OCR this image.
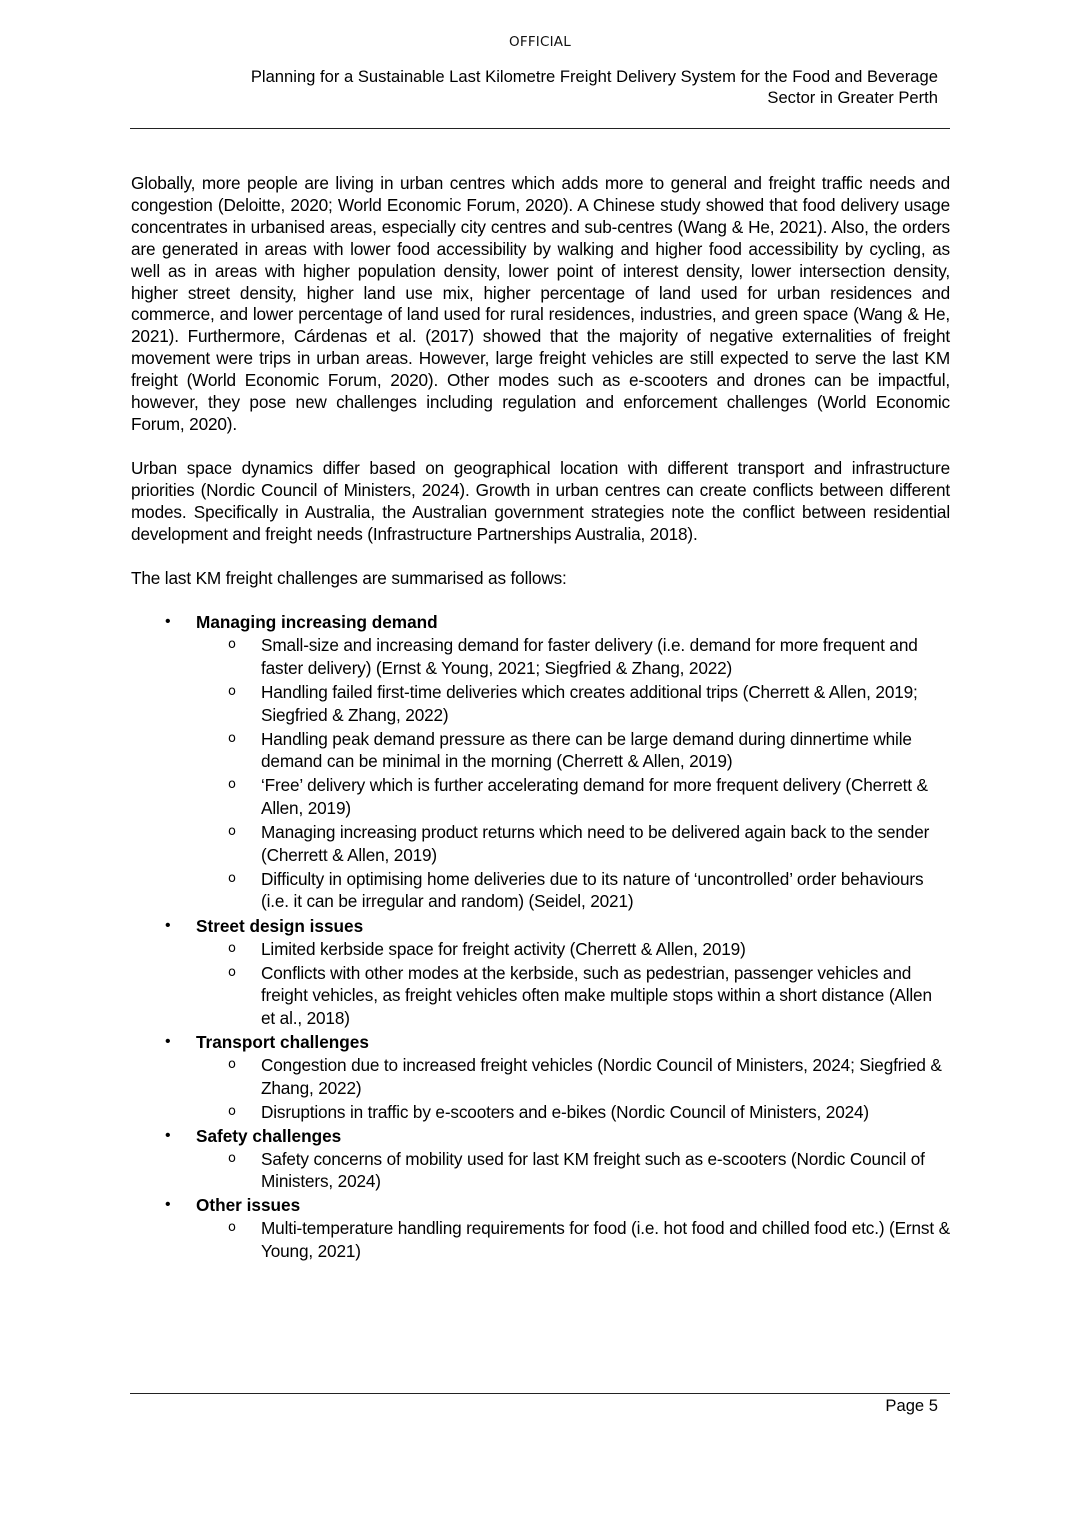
OFFICIAL
Planning for a Sustainable Last Kilometre Freight Delivery System for the Food and Beverage
Sector in Greater Perth

Globally, more people are living in urban centres which adds more to general and freight traffic needs and congestion (Deloitte, 2020; World Economic Forum, 2020). A Chinese study showed that food delivery usage concentrates in urbanised areas, especially city centres and sub-centres (Wang & He, 2021). Also, the orders are generated in areas with lower food accessibility by walking and higher food accessibility by cycling, as well as in areas with higher population density, lower point of interest density, lower intersection density, higher street density, higher land use mix, higher percentage of land used for urban residences and commerce, and lower percentage of land used for rural residences, industries, and green space (Wang & He, 2021). Furthermore, Cárdenas et al. (2017) showed that the majority of negative externalities of freight movement were trips in urban areas. However, large freight vehicles are still expected to serve the last KM freight (World Economic Forum, 2020). Other modes such as e-scooters and drones can be impactful, however, they pose new challenges including regulation and enforcement challenges (World Economic Forum, 2020).

Urban space dynamics differ based on geographical location with different transport and infrastructure priorities (Nordic Council of Ministers, 2024). Growth in urban centres can create conflicts between different modes. Specifically in Australia, the Australian government strategies note the conflict between residential development and freight needs (Infrastructure Partnerships Australia, 2018).

The last KM freight challenges are summarised as follows:

• Managing increasing demand
o Small-size and increasing demand for faster delivery (i.e. demand for more frequent and faster delivery) (Ernst & Young, 2021; Siegfried & Zhang, 2022)
o Handling failed first-time deliveries which creates additional trips (Cherrett & Allen, 2019; Siegfried & Zhang, 2022)
o Handling peak demand pressure as there can be large demand during dinnertime while demand can be minimal in the morning (Cherrett & Allen, 2019)
o ‘Free’ delivery which is further accelerating demand for more frequent delivery (Cherrett & Allen, 2019)
o Managing increasing product returns which need to be delivered again back to the sender (Cherrett & Allen, 2019)
o Difficulty in optimising home deliveries due to its nature of ‘uncontrolled’ order behaviours (i.e. it can be irregular and random) (Seidel, 2021)
• Street design issues
o Limited kerbside space for freight activity (Cherrett & Allen, 2019)
o Conflicts with other modes at the kerbside, such as pedestrian, passenger vehicles and freight vehicles, as freight vehicles often make multiple stops within a short distance (Allen et al., 2018)
• Transport challenges
o Congestion due to increased freight vehicles (Nordic Council of Ministers, 2024; Siegfried & Zhang, 2022)
o Disruptions in traffic by e-scooters and e-bikes (Nordic Council of Ministers, 2024)
• Safety challenges
o Safety concerns of mobility used for last KM freight such as e-scooters (Nordic Council of Ministers, 2024)
• Other issues
o Multi-temperature handling requirements for food (i.e. hot food and chilled food etc.) (Ernst & Young, 2021)
Page 5
